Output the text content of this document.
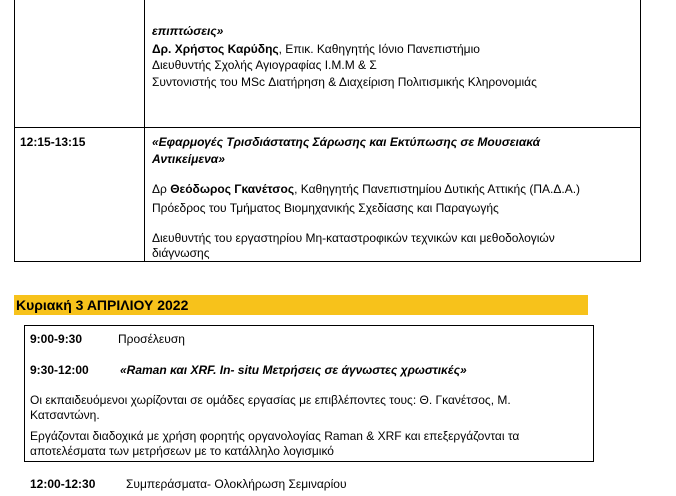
επιπτώσεις»
Δρ. Χρήστος Καρύδης, Επικ. Καθηγητής Ιόνιο Πανεπιστήμιο
Διευθυντής Σχολής Αγιογραφίας Ι.Μ.Μ & Σ
Συντονιστής του MSc Διατήρηση & Διαχείριση Πολιτισμικής Κληρονομιάς
12:15-13:15	«Εφαρμογές Τρισδιάστατης Σάρωσης και Εκτύπωσης σε Μουσειακά
Αντικείμενα»
Δρ Θεόδωρος Γκανέτσος, Καθηγητής Πανεπιστημίου Δυτικής Αττικής (ΠΑ.Δ.Α.)
Πρόεδρος του Τμήματος Βιομηχανικής Σχεδίασης και Παραγωγής
Διευθυντής του εργαστηρίου Μη-καταστροφικών τεχνικών και μεθοδολογιών
διάγνωσης
Κυριακή 3 ΑΠΡΙΛΙΟΥ 2022
9:00-9:30	Προσέλευση
9:30-12:00	«Raman και XRF. In- situ Μετρήσεις σε άγνωστες χρωστικές»
Οι εκπαιδευόμενοι χωρίζονται σε ομάδες εργασίας με επιβλέποντες τους: Θ. Γκανέτσος, Μ.
Κατσαντώνη.
Εργάζονται διαδοχικά με χρήση φορητής οργανολογίας Raman & XRF και επεξεργάζονται τα
αποτελέσματα των μετρήσεων με το κατάλληλο λογισμικό
12:00-12:30	Συμπεράσματα- Ολοκλήρωση Σεμιναρίου
